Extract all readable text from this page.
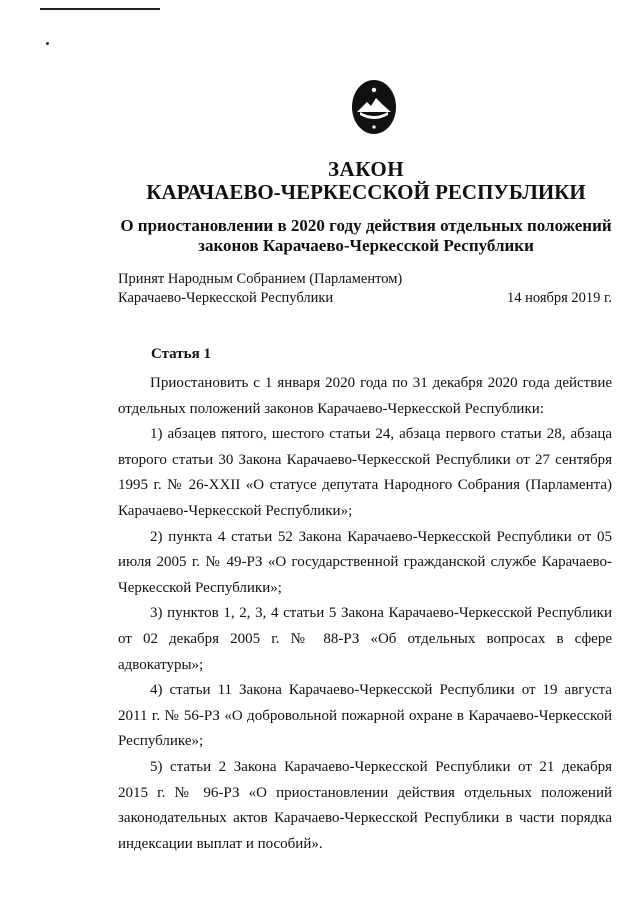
ЗАКОН
КАРАЧАЕВО-ЧЕРКЕССКОЙ РЕСПУБЛИКИ
О приостановлении в 2020 году действия отдельных положений
законов Карачаево-Черкесской Республики
Принят Народным Собранием (Парламентом)
Карачаево-Черкесской Республики	14 ноября 2019 г.
Статья 1

Приостановить с 1 января 2020 года по 31 декабря 2020 года действие отдельных положений законов Карачаево-Черкесской Республики:

1) абзацев пятого, шестого статьи 24, абзаца первого статьи 28, абзаца второго статьи 30 Закона Карачаево-Черкесской Республики от 27 сентября 1995 г. № 26-XXII «О статусе депутата Народного Собрания (Парламента) Карачаево-Черкесской Республики»;

2) пункта 4 статьи 52 Закона Карачаево-Черкесской Республики от 05 июля 2005 г. № 49-РЗ «О государственной гражданской службе Карачаево-Черкесской Республики»;

3) пунктов 1, 2, 3, 4 статьи 5 Закона Карачаево-Черкесской Республики от 02 декабря 2005 г. № 88-РЗ «Об отдельных вопросах в сфере адвокатуры»;

4) статьи 11 Закона Карачаево-Черкесской Республики от 19 августа 2011 г. № 56-РЗ «О добровольной пожарной охране в Карачаево-Черкесской Республике»;

5) статьи 2 Закона Карачаево-Черкесской Республики от 21 декабря 2015 г. № 96-РЗ «О приостановлении действия отдельных положений законодательных актов Карачаево-Черкесской Республики в части порядка индексации выплат и пособий».
